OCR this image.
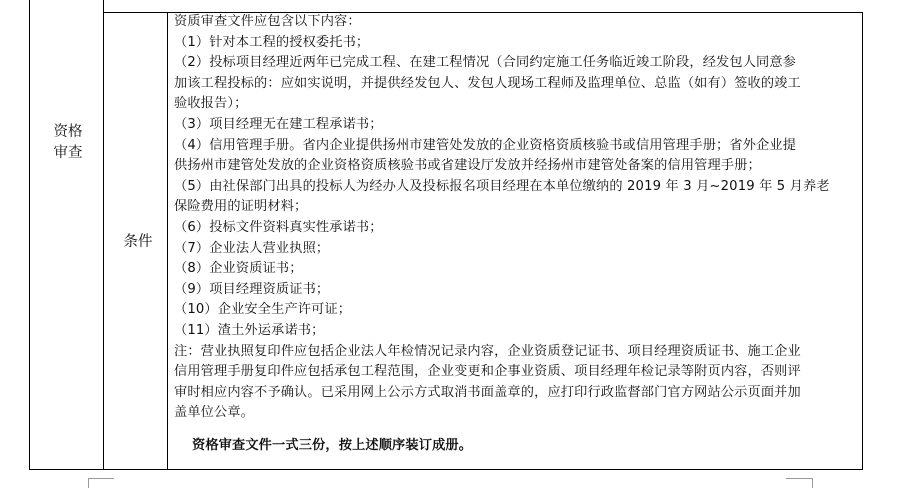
资格
审查
条件
资质审查文件应包含以下内容：
（1）针对本工程的授权委托书；
（2）投标项目经理近两年已完成工程、在建工程情况（合同约定施工任务临近竣工阶段，经发包人同意参
加该工程投标的：应如实说明，并提供经发包人、发包人现场工程师及监理单位、总监（如有）签收的竣工
验收报告）；
（3）项目经理无在建工程承诺书；
（4）信用管理手册。省内企业提供扬州市建管处发放的企业资格资质核验书或信用管理手册；省外企业提
供扬州市建管处发放的企业资格资质核验书或省建设厅发放并经扬州市建管处备案的信用管理手册；
（5）由社保部门出具的投标人为经办人及投标报名项目经理在本单位缴纳的 2019 年 3 月~2019 年 5 月养老
保险费用的证明材料；
（6）投标文件资料真实性承诺书；
（7）企业法人营业执照；
（8）企业资质证书；
（9）项目经理资质证书；
（10）企业安全生产许可证；
（11）渣土外运承诺书；
注：营业执照复印件应包括企业法人年检情况记录内容，企业资质登记证书、项目经理资质证书、施工企业
信用管理手册复印件应包括承包工程范围，企业变更和企事业资质、项目经理年检记录等附页内容，否则评
审时相应内容不予确认。已采用网上公示方式取消书面盖章的，应打印行政监督部门官方网站公示页面并加
盖单位公章。
资格审查文件一式三份，按上述顺序装订成册。
